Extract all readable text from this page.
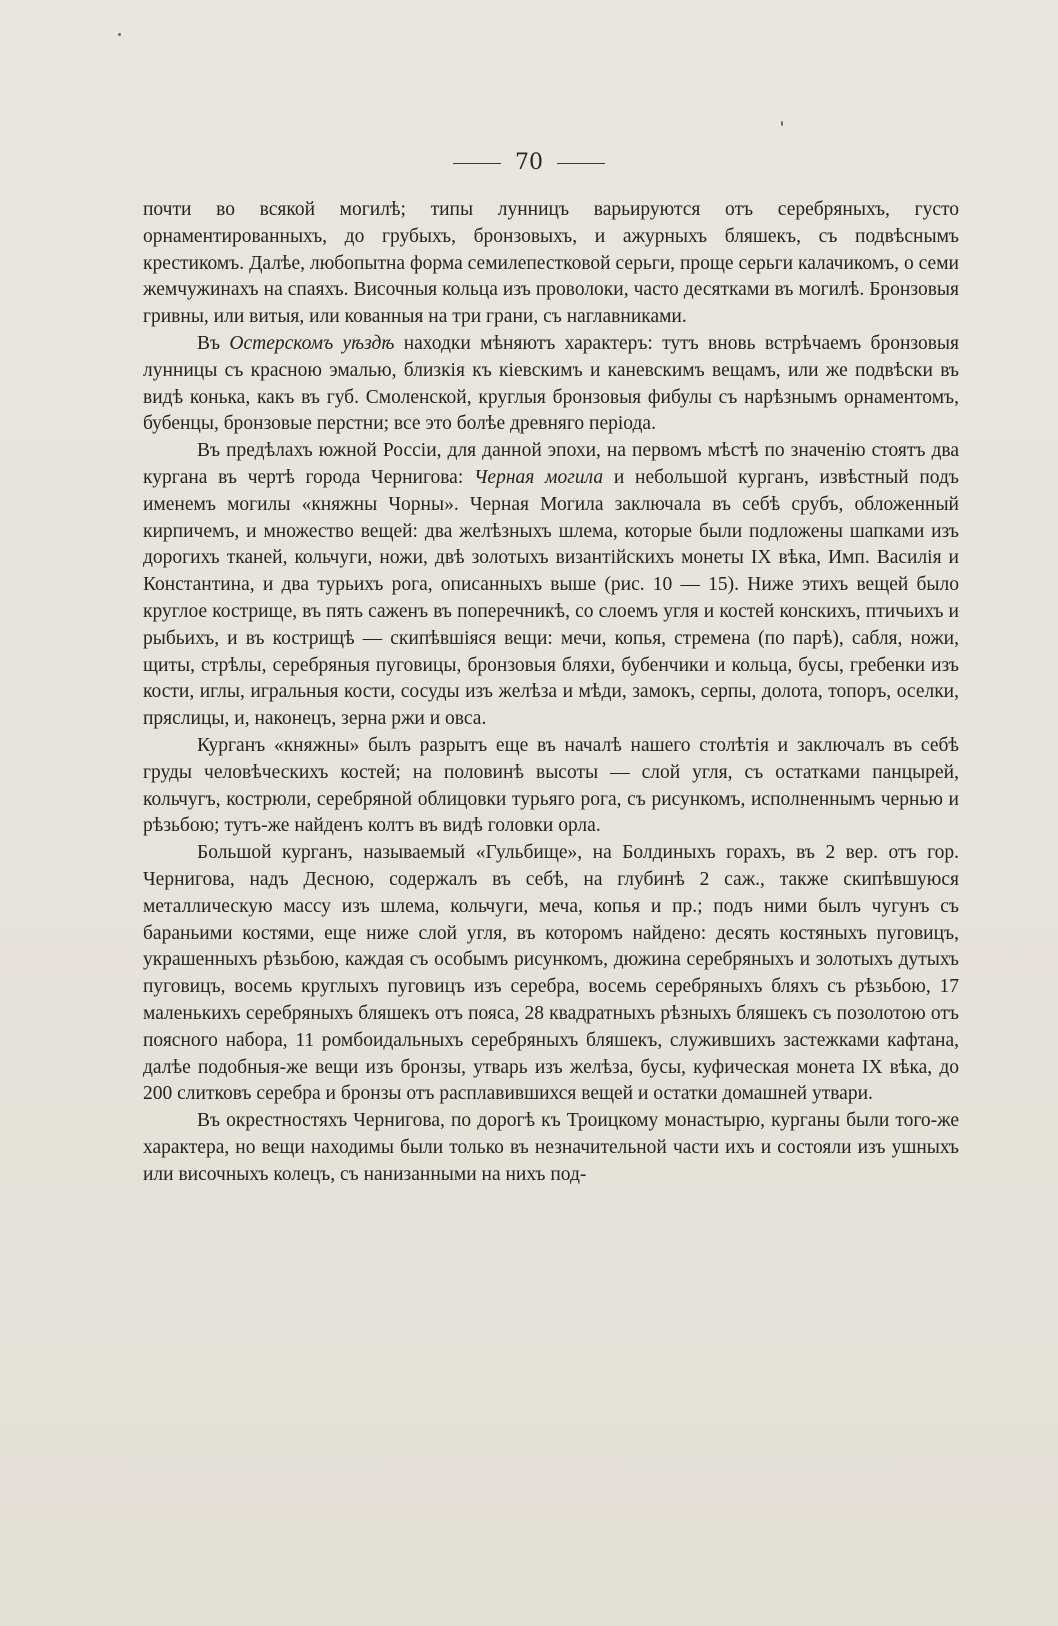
70

почти во всякой могилѣ; типы лунницъ варьируются отъ серебряныхъ, густо орнаментированныхъ, до грубыхъ, бронзовыхъ, и ажурныхъ бляшекъ, съ подвѣснымъ крестикомъ. Далѣе, любопытна форма семилепестковой серьги, проще серьги калачикомъ, о семи жемчужинахъ на спаяхъ. Височныя кольца изъ проволоки, часто десятками въ могилѣ. Бронзовыя гривны, или витыя, или кованныя на три грани, съ наглавниками.

Въ Остерскомъ уѣздѣ находки мѣняютъ характеръ: тутъ вновь встрѣчаемъ бронзовыя лунницы съ красною эмалью, близкія къ кіевскимъ и каневскимъ вещамъ, или же подвѣски въ видѣ конька, какъ въ губ. Смоленской, круглыя бронзовыя фибулы съ нарѣзнымъ орнаментомъ, бубенцы, бронзовые перстни; все это болѣе древняго періода.

Въ предѣлахъ южной Россіи, для данной эпохи, на первомъ мѣстѣ по значенію стоятъ два кургана въ чертѣ города Чернигова: Черная могила и небольшой курганъ, извѣстный подъ именемъ могилы «княжны Чорны». Черная Могила заключала въ себѣ срубъ, обложенный кирпичемъ, и множество вещей: два желѣзныхъ шлема, которые были подложены шапками изъ дорогихъ тканей, кольчуги, ножи, двѣ золотыхъ византійскихъ монеты IX вѣка, Имп. Василія и Константина, и два турьихъ рога, описанныхъ выше (рис. 10 — 15). Ниже этихъ вещей было круглое кострище, въ пять саженъ въ поперечникѣ, со слоемъ угля и костей конскихъ, птичьихъ и рыбьихъ, и въ кострищѣ — скипѣвшіяся вещи: мечи, копья, стремена (по парѣ), сабля, ножи, щиты, стрѣлы, серебряныя пуговицы, бронзовыя бляхи, бубенчики и кольца, бусы, гребенки изъ кости, иглы, игральныя кости, сосуды изъ желѣза и мѣди, замокъ, серпы, долота, топоръ, оселки, пряслицы, и, наконецъ, зерна ржи и овса.

Курганъ «княжны» былъ разрытъ еще въ началѣ нашего столѣтія и заключалъ въ себѣ груды человѣческихъ костей; на половинѣ высоты — слой угля, съ остатками панцырей, кольчугъ, кострюли, серебряной облицовки турьяго рога, съ рисункомъ, исполненнымъ чернью и рѣзьбою; тутъ-же найденъ колтъ въ видѣ головки орла.

Большой курганъ, называемый «Гульбище», на Болдиныхъ горахъ, въ 2 вер. отъ гор. Чернигова, надъ Десною, содержалъ въ себѣ, на глубинѣ 2 саж., также скипѣвшуюся металлическую массу изъ шлема, кольчуги, меча, копья и пр.; подъ ними былъ чугунъ съ бараньими костями, еще ниже слой угля, въ которомъ найдено: десять костяныхъ пуговицъ, украшенныхъ рѣзьбою, каждая съ особымъ рисункомъ, дюжина серебряныхъ и золотыхъ дутыхъ пуговицъ, восемь круглыхъ пуговицъ изъ серебра, восемь серебряныхъ бляхъ съ рѣзьбою, 17 маленькихъ серебряныхъ бляшекъ отъ пояса, 28 квадратныхъ рѣзныхъ бляшекъ съ позолотою отъ поясного набора, 11 ромбоидальныхъ серебряныхъ бляшекъ, служившихъ застежками кафтана, далѣе подобныя-же вещи изъ бронзы, утварь изъ желѣза, бусы, куфическая монета IX вѣка, до 200 слитковъ серебра и бронзы отъ расплавившихся вещей и остатки домашней утвари.

Въ окрестностяхъ Чернигова, по дорогѣ къ Троицкому монастырю, курганы были того-же характера, но вещи находимы были только въ незначительной части ихъ и состояли изъ ушныхъ или височныхъ колецъ, съ нанизанными на нихъ под-
